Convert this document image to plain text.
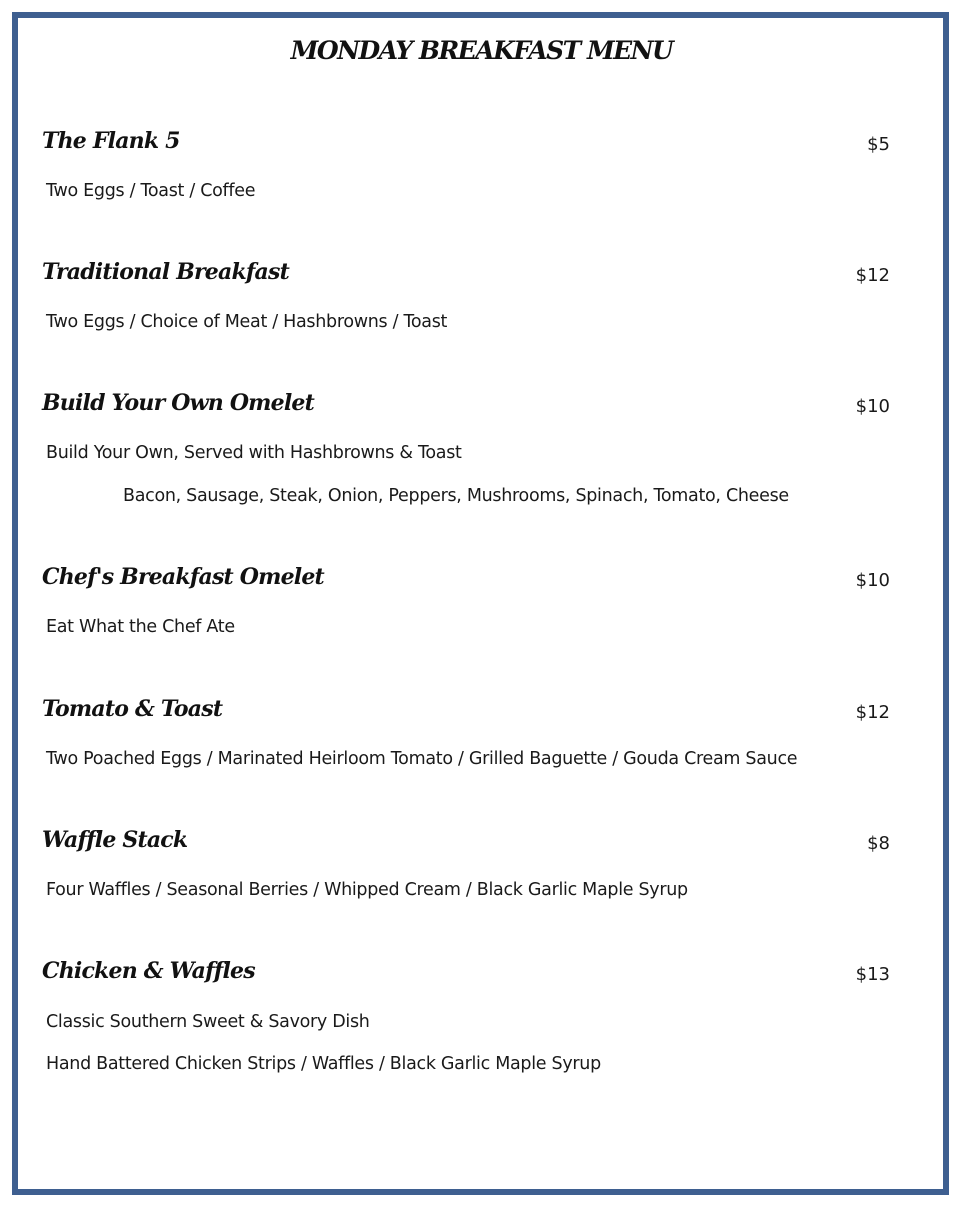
MONDAY BREAKFAST MENU
The Flank 5	$5
Two Eggs / Toast / Coffee
Traditional Breakfast	$12
Two Eggs / Choice of Meat / Hashbrowns / Toast
Build Your Own Omelet	$10
Build Your Own, Served with Hashbrowns & Toast
Bacon, Sausage, Steak, Onion, Peppers, Mushrooms, Spinach, Tomato, Cheese
Chef's Breakfast Omelet	$10
Eat What the Chef Ate
Tomato & Toast	$12
Two Poached Eggs / Marinated Heirloom Tomato / Grilled Baguette / Gouda Cream Sauce
Waffle Stack	$8
Four Waffles / Seasonal Berries / Whipped Cream / Black Garlic Maple Syrup
Chicken & Waffles	$13
Classic Southern Sweet & Savory Dish
Hand Battered Chicken Strips / Waffles / Black Garlic Maple Syrup
